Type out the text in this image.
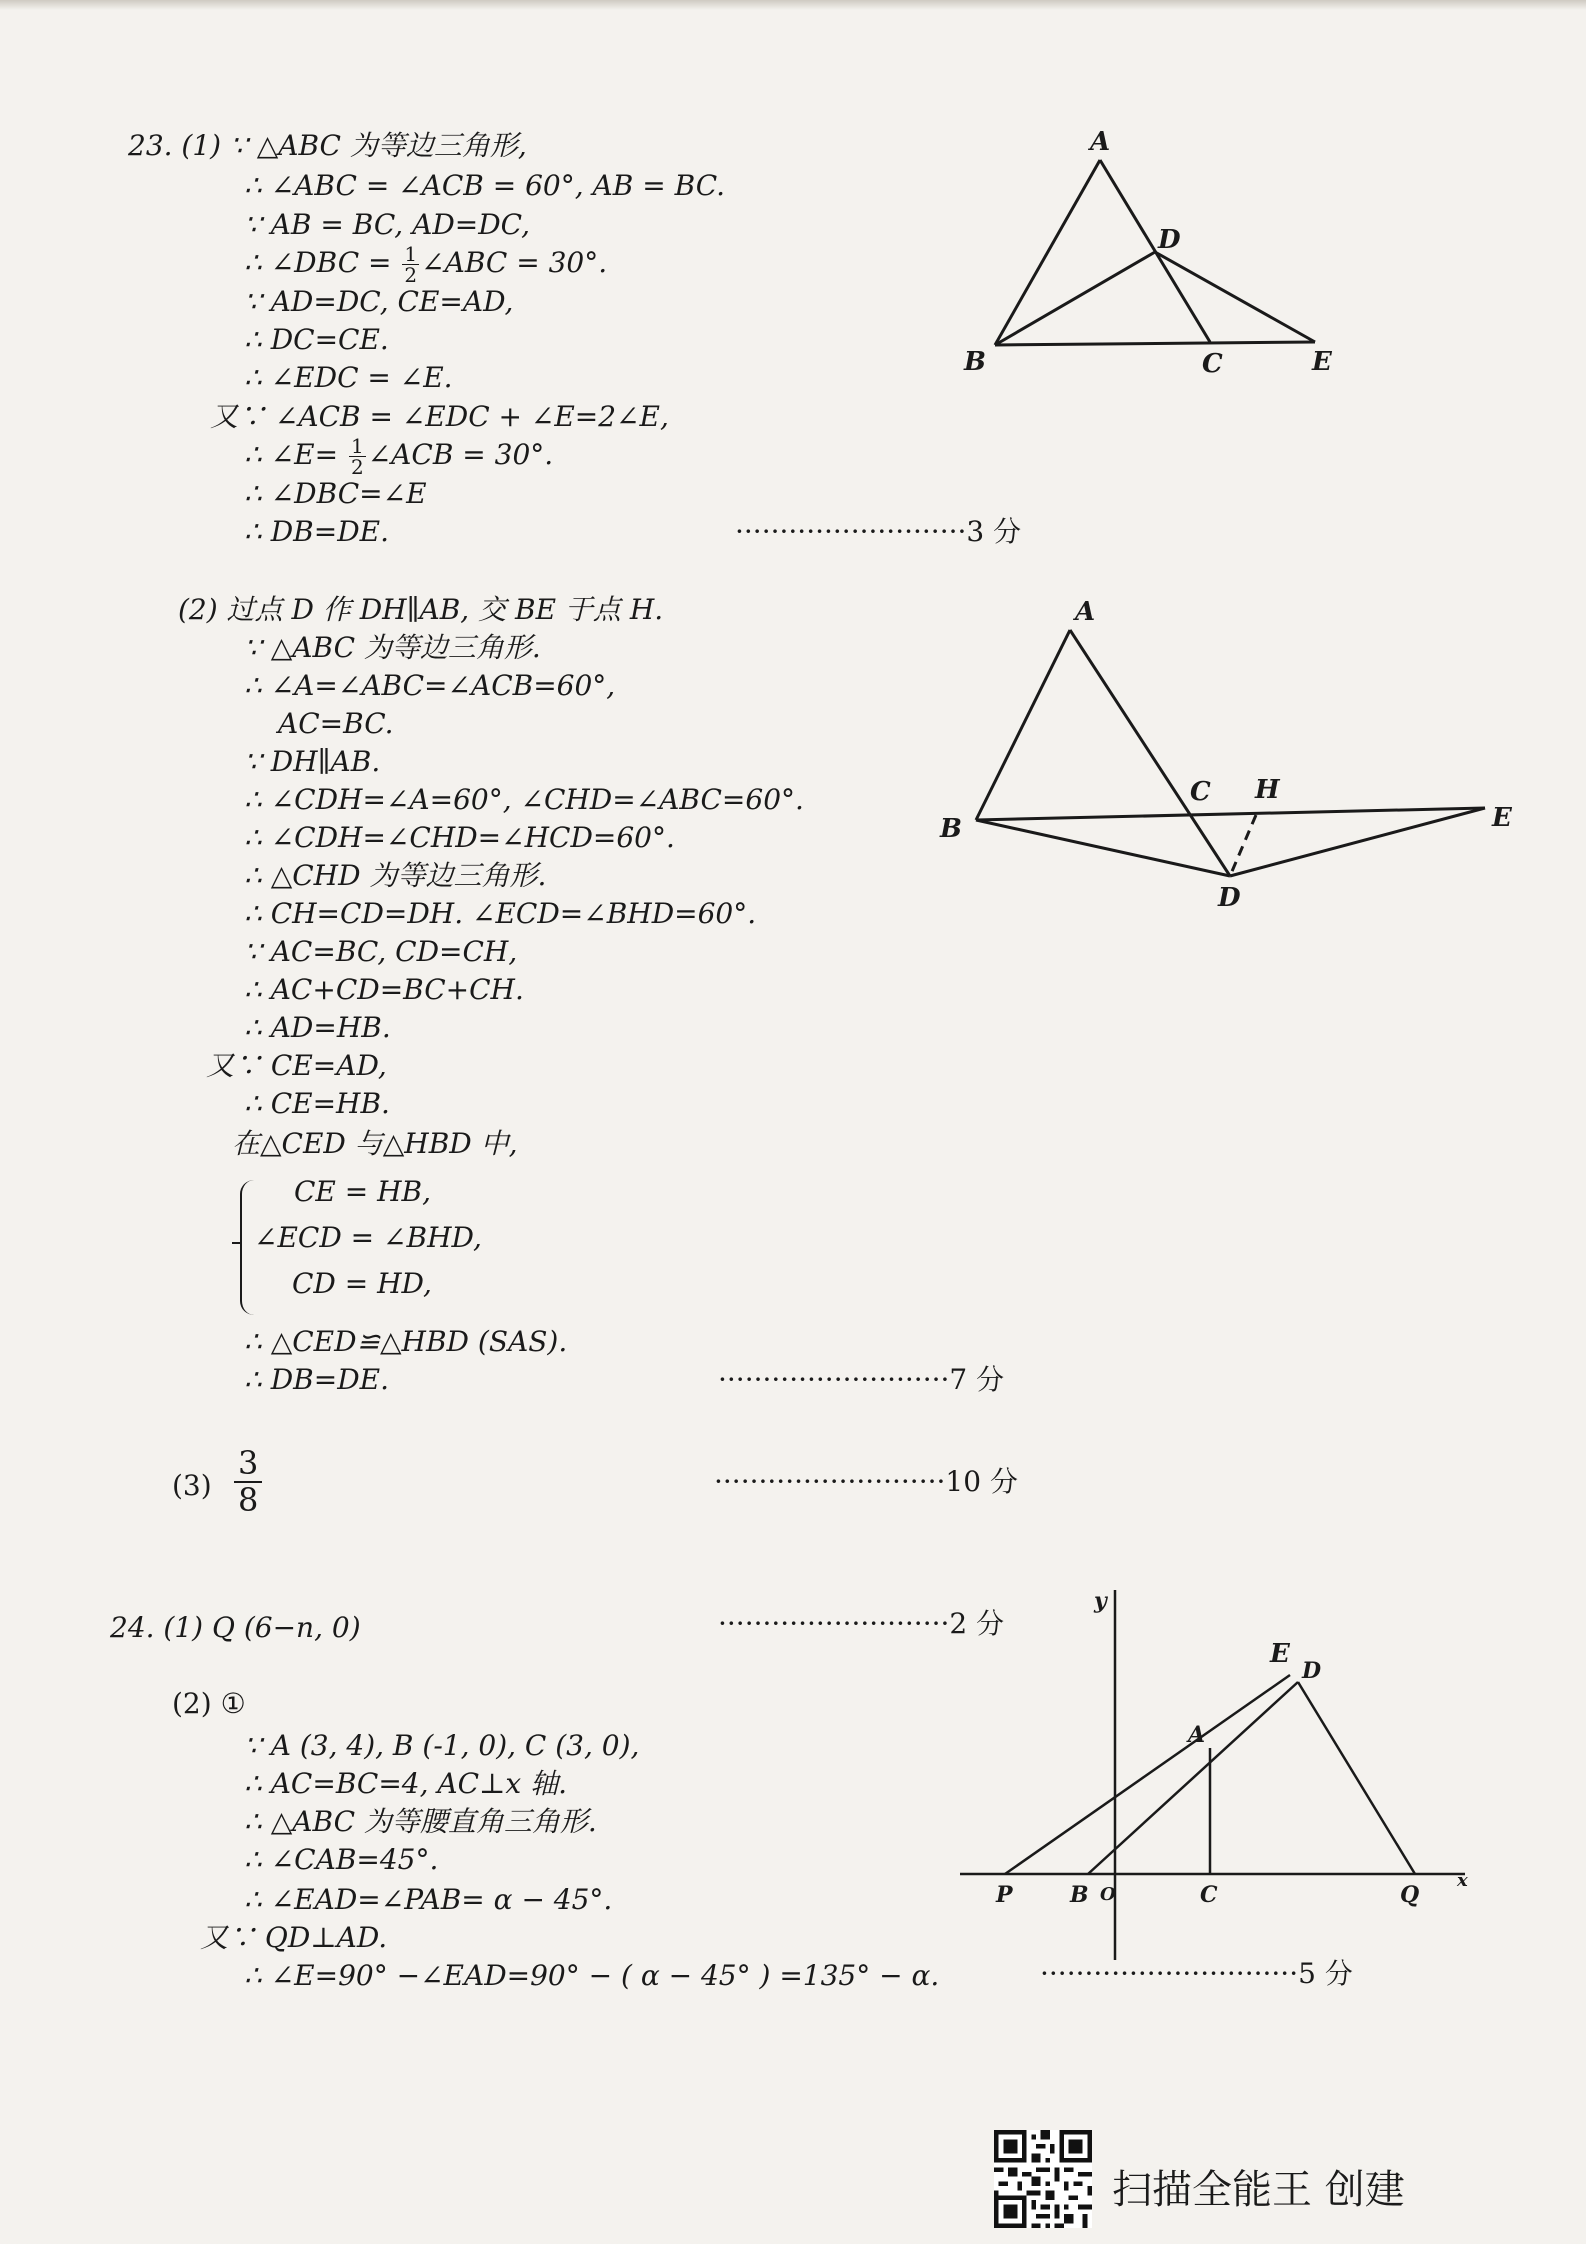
23. (1) ∵ △ABC 为等边三角形,
∴ ∠ABC = ∠ACB = 60°, AB = BC.
∵ AB = BC, AD=DC,
∴ ∠DBC = $\frac{1}{2}$ ∠ABC = 30°.
∵ AD=DC, CE=AD,
∴ DC=CE.
∴ ∠EDC = ∠E.
又∵ ∠ACB = ∠EDC + ∠E=2∠E,
∴ ∠E= $\frac{1}{2}$ ∠ACB = 30°.
∴ ∠DBC=∠E
∴ DB=DE.	··························3 分
A
D
B	C	E
(2) 过点 D 作 DH∥AB, 交 BE 于点 H.
∵ △ABC 为等边三角形.
∴ ∠A=∠ABC=∠ACB=60°,
AC=BC.
∵ DH∥AB.
∴ ∠CDH=∠A=60°, ∠CHD=∠ABC=60°.
∴ ∠CDH=∠CHD=∠HCD=60°.
∴ △CHD 为等边三角形.
∴ CH=CD=DH. ∠ECD=∠BHD=60°.
∵ AC=BC, CD=CH,
∴ AC+CD=BC+CH.
∴ AD=HB.
又∵ CE=AD,
∴ CE=HB.
在△CED 与△HBD 中,
CE = HB,
∠ECD = ∠BHD,
CD = HD,
∴ △CED≌△HBD (SAS).
∴ DB=DE.	··························7 分
A
C H
B	E
D
$(3) \frac{3}{8}$	··························10 分
24. (1) Q (6−n, 0)	··························2 分
(2) ①
∵ A (3, 4), B (-1, 0), C (3, 0),
∴ AC=BC=4, AC⊥x 轴.
∴ △ABC 为等腰直角三角形.
∴ ∠CAB=45°.
∴ ∠EAD=∠PAB= α − 45°.
又∵ QD⊥AD.
∴ ∠E=90° −∠EAD=90° − ( α − 45° ) =135° − α.	·····························5 分
y
E
D
A
P	B O	C	Q
x
扫描全能王 创建
